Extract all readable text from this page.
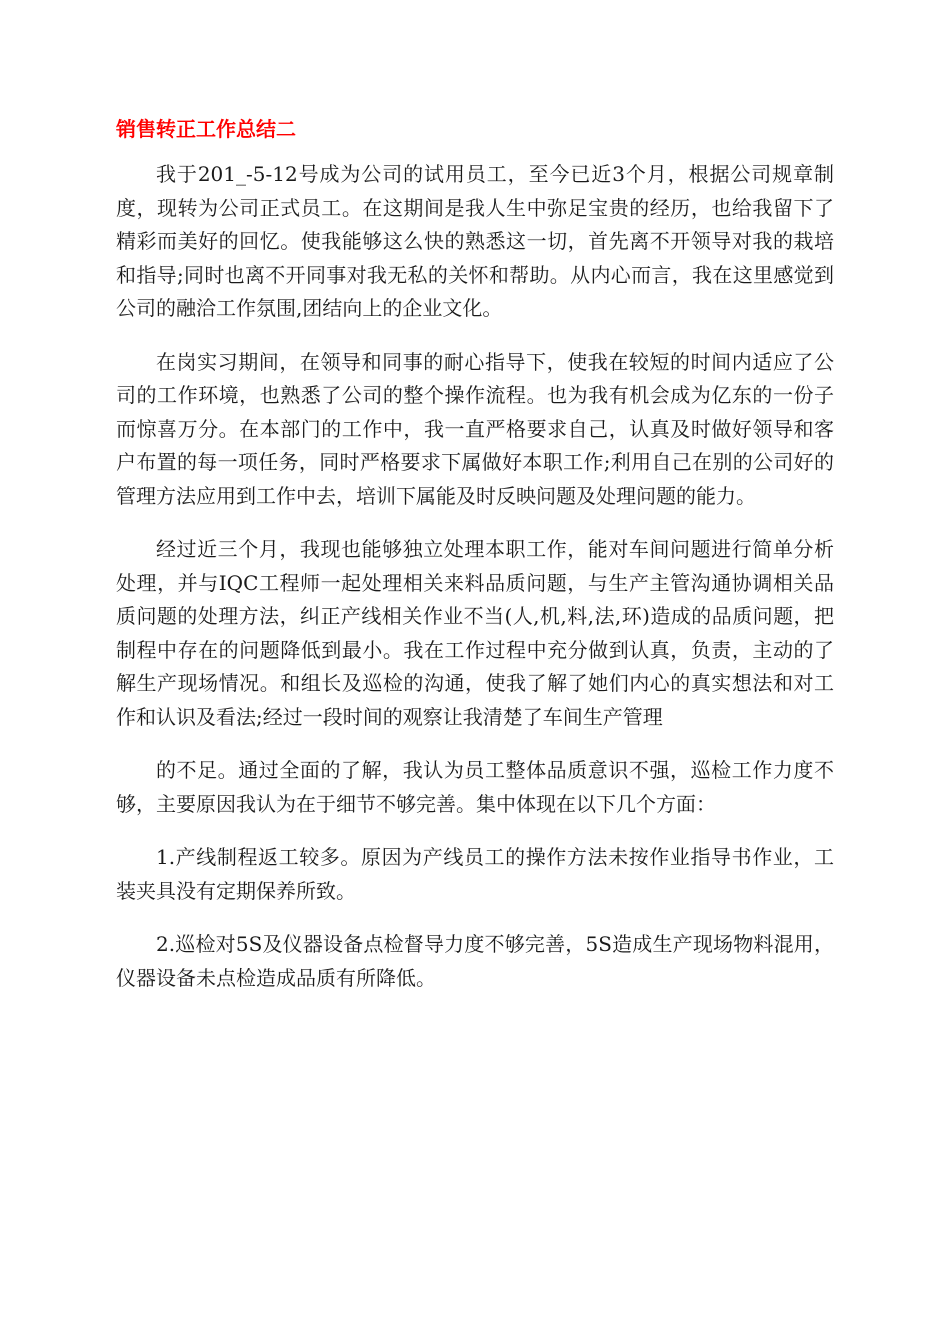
销售转正工作总结二

我于201_-5-12号成为公司的试用员工，至今已近3个月，根据公司规章制度，现转为公司正式员工。在这期间是我人生中弥足宝贵的经历，也给我留下了精彩而美好的回忆。使我能够这么快的熟悉这一切，首先离不开领导对我的栽培和指导;同时也离不开同事对我无私的关怀和帮助。从内心而言，我在这里感觉到公司的融洽工作氛围,团结向上的企业文化。

在岗实习期间，在领导和同事的耐心指导下，使我在较短的时间内适应了公司的工作环境，也熟悉了公司的整个操作流程。也为我有机会成为亿东的一份子而惊喜万分。在本部门的工作中，我一直严格要求自己，认真及时做好领导和客户布置的每一项任务，同时严格要求下属做好本职工作;利用自己在别的公司好的管理方法应用到工作中去，培训下属能及时反映问题及处理问题的能力。

经过近三个月，我现也能够独立处理本职工作，能对车间问题进行简单分析处理，并与IQC工程师一起处理相关来料品质问题，与生产主管沟通协调相关品质问题的处理方法，纠正产线相关作业不当(人,机,料,法,环)造成的品质问题，把制程中存在的问题降低到最小。我在工作过程中充分做到认真，负责，主动的了解生产现场情况。和组长及巡检的沟通，使我了解了她们内心的真实想法和对工作和认识及看法;经过一段时间的观察让我清楚了车间生产管理

的不足。通过全面的了解，我认为员工整体品质意识不强，巡检工作力度不够，主要原因我认为在于细节不够完善。集中体现在以下几个方面：

1.产线制程返工较多。原因为产线员工的操作方法未按作业指导书作业，工装夹具没有定期保养所致。

2.巡检对5S及仪器设备点检督导力度不够完善，5S造成生产现场物料混用，仪器设备未点检造成品质有所降低。
